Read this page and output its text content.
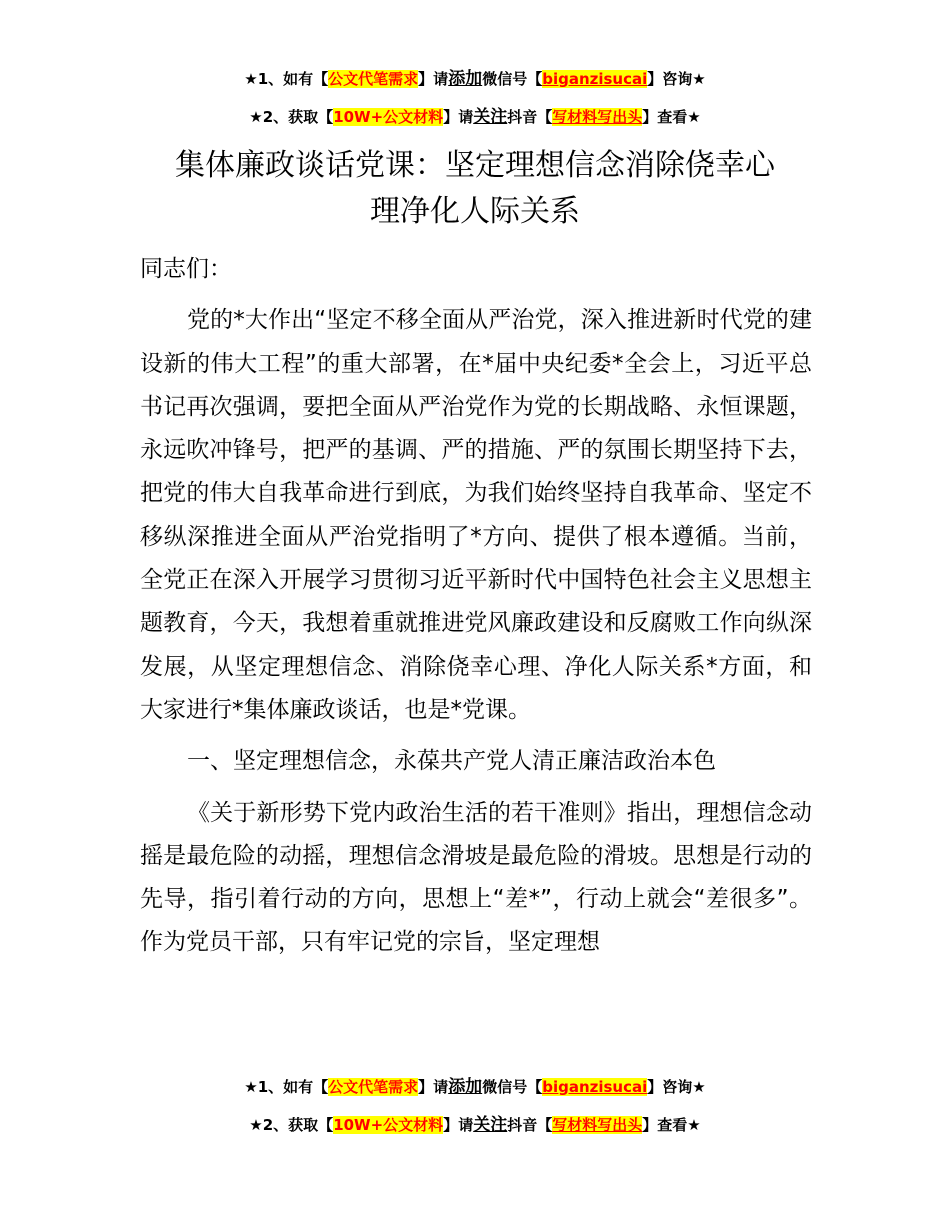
★1、如有【公文代笔需求】请添加微信号【biganzisucai】咨询★
★2、获取【10W+公文材料】请关注抖音【写材料写出头】查看★
集体廉政谈话党课：坚定理想信念消除侥幸心
理净化人际关系

同志们：

党的*大作出“坚定不移全面从严治党，深入推进新时代党的建设新的伟大工程”的重大部署，在*届中央纪委*全会上，习近平总书记再次强调，要把全面从严治党作为党的长期战略、永恒课题，永远吹冲锋号，把严的基调、严的措施、严的氛围长期坚持下去，把党的伟大自我革命进行到底，为我们始终坚持自我革命、坚定不移纵深推进全面从严治党指明了*方向、提供了根本遵循。当前，全党正在深入开展学习贯彻习近平新时代中国特色社会主义思想主题教育，今天，我想着重就推进党风廉政建设和反腐败工作向纵深发展，从坚定理想信念、消除侥幸心理、净化人际关系*方面，和大家进行*集体廉政谈话，也是*党课。

一、坚定理想信念，永葆共产党人清正廉洁政治本色

《关于新形势下党内政治生活的若干准则》指出，理想信念动摇是最危险的动摇，理想信念滑坡是最危险的滑坡。思想是行动的先导，指引着行动的方向，思想上“差*”，行动上就会“差很多”。作为党员干部，只有牢记党的宗旨，坚定理想

★1、如有【公文代笔需求】请添加微信号【biganzisucai】咨询★
★2、获取【10W+公文材料】请关注抖音【写材料写出头】查看★
